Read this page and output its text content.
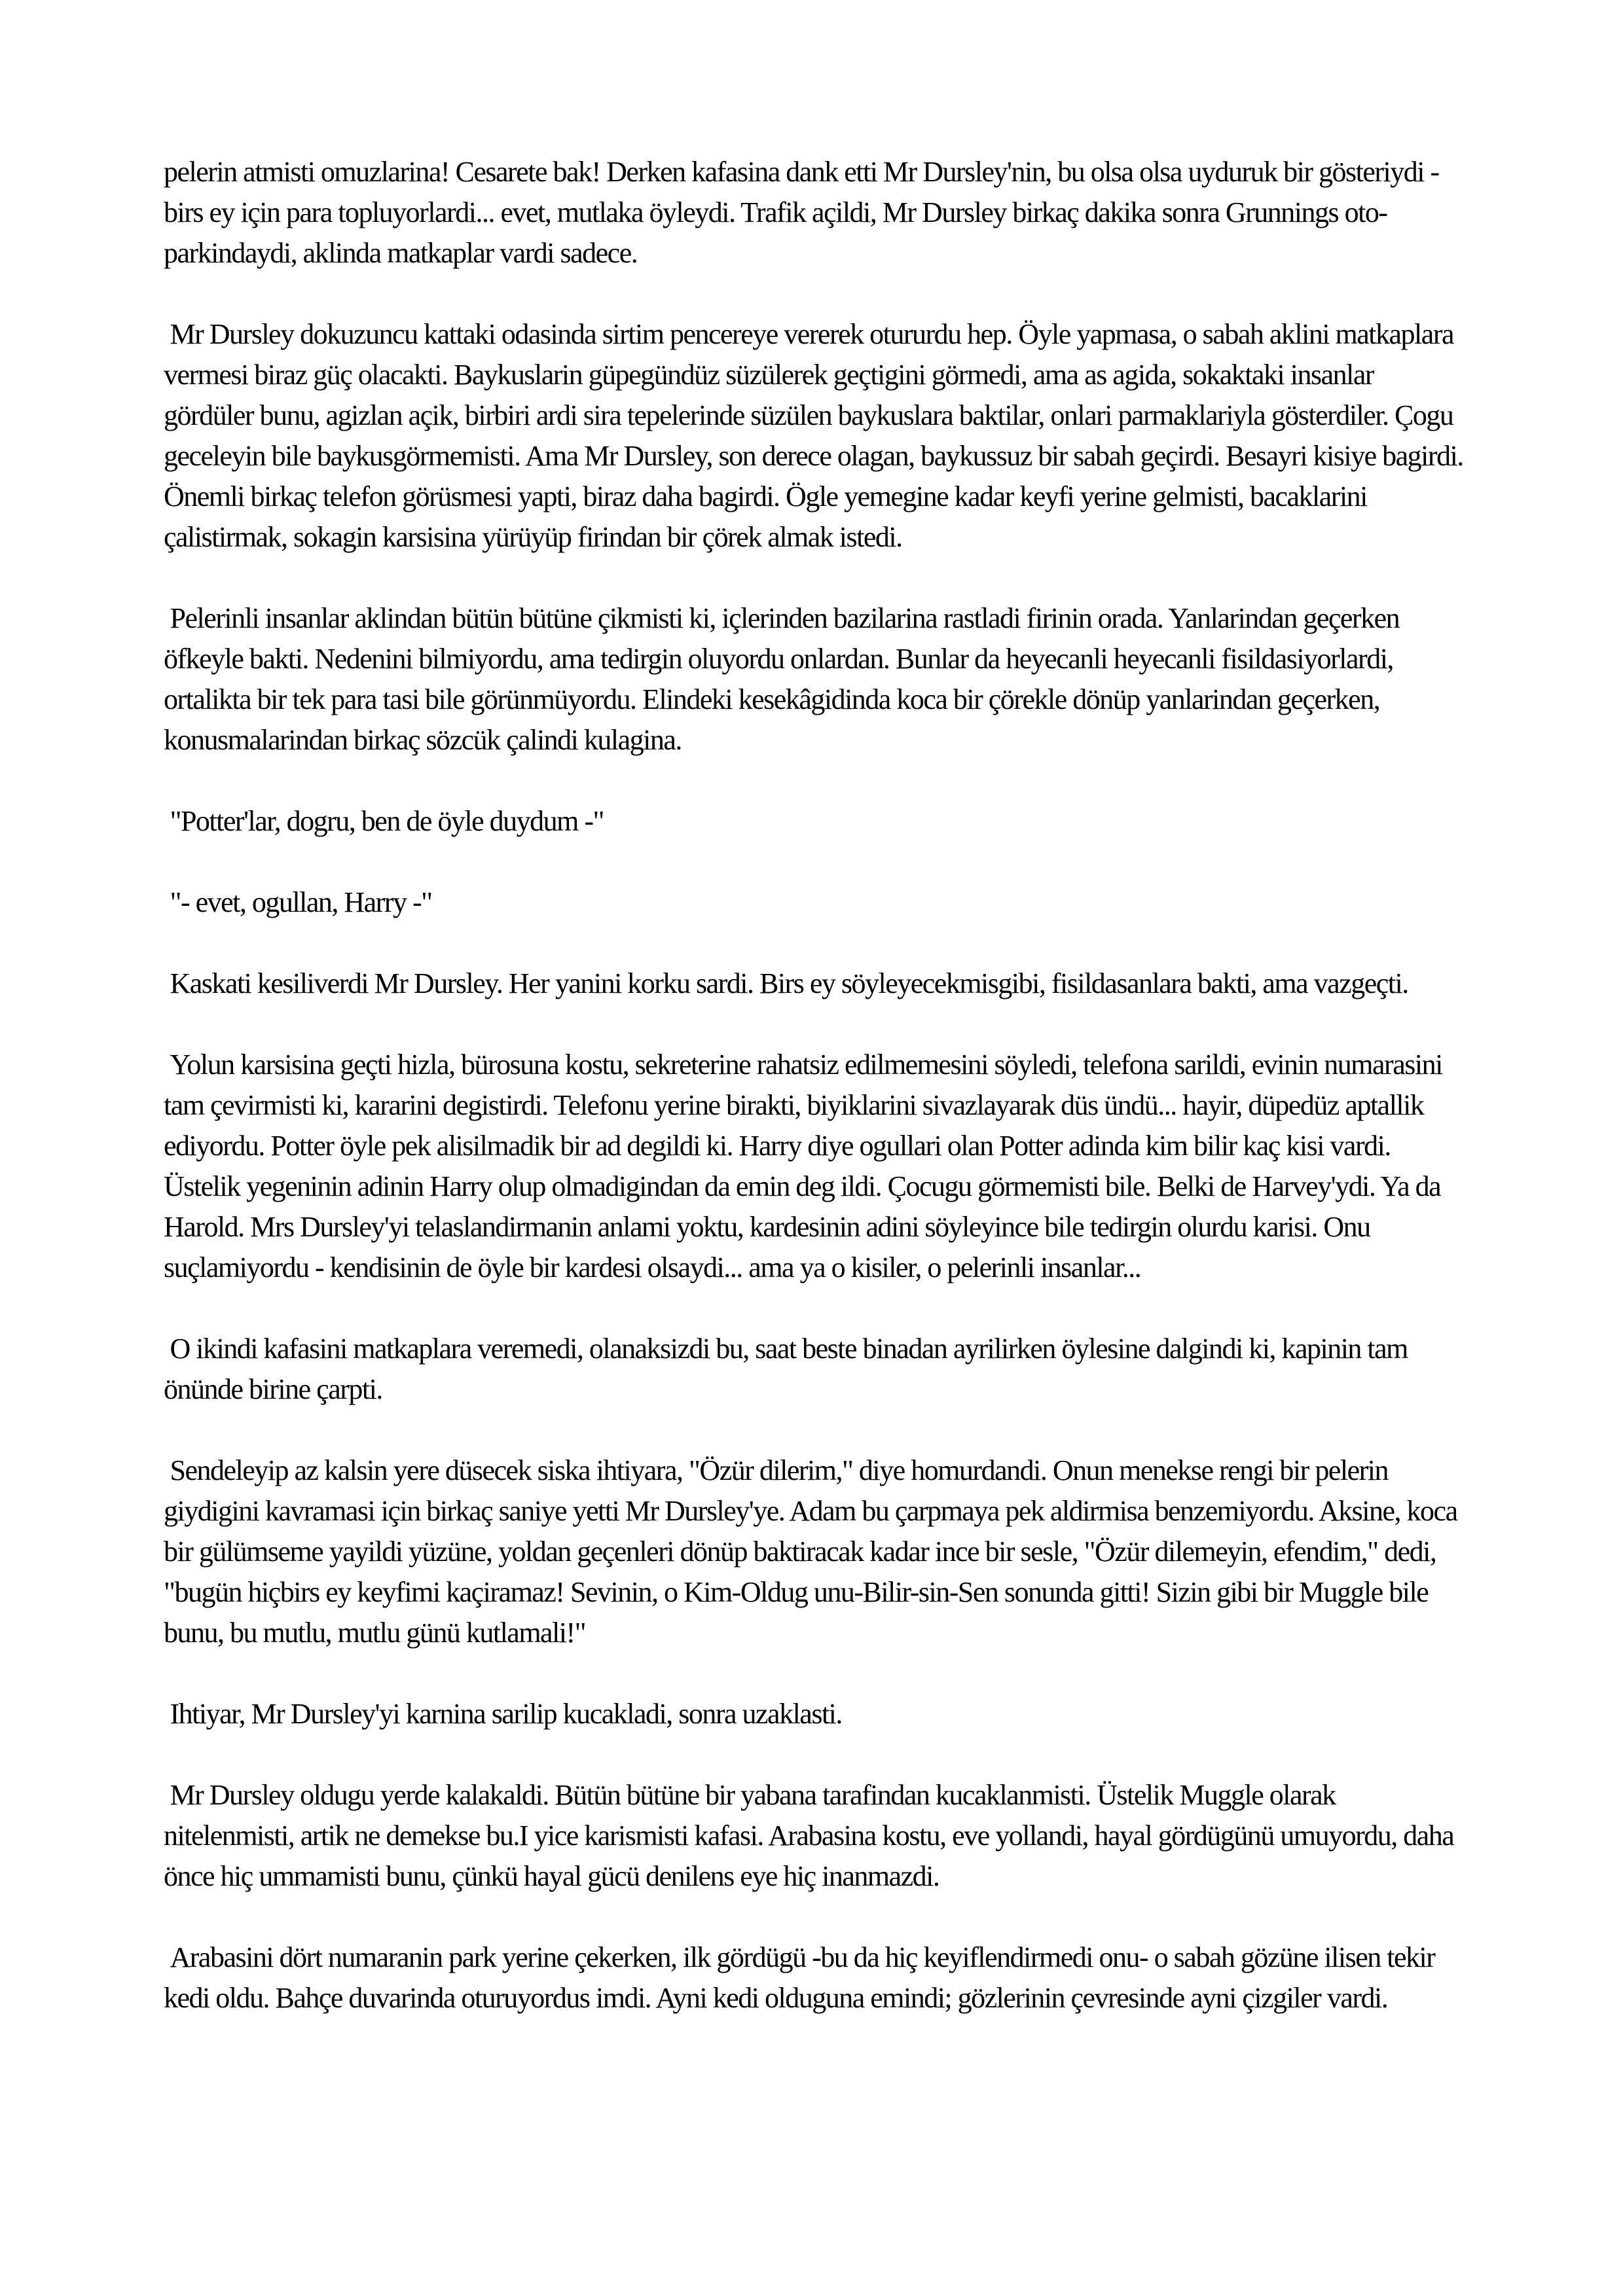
pelerin atmisti omuzlarina! Cesarete bak! Derken kafasina dank etti Mr Dursley'nin, bu olsa olsa uyduruk bir gösteriydi - birs ey için para topluyorlardi... evet, mutlaka öyleydi. Trafik açildi, Mr Dursley birkaç dakika sonra Grunnings oto-parkindaydi, aklinda matkaplar vardi sadece.

Mr Dursley dokuzuncu kattaki odasinda sirtim pencereye vererek otururdu hep. Öyle yapmasa, o sabah aklini matkaplara vermesi biraz güç olacakti. Baykuslarin güpegündüz süzülerek geçtigini görmedi, ama as agida, sokaktaki insanlar gördüler bunu, agizlan açik, birbiri ardi sira tepelerinde süzülen baykuslara baktilar, onlari parmaklariyla gösterdiler. Çogu geceleyin bile baykusgörmemisti. Ama Mr Dursley, son derece olagan, baykussuz bir sabah geçirdi. Besayri kisiye bagirdi. Önemli birkaç telefon görüsmesi yapti, biraz daha bagirdi. Ögle yemegine kadar keyfi yerine gelmisti, bacaklarini çalistirmak, sokagin karsisina yürüyüp firindan bir çörek almak istedi.

Pelerinli insanlar aklindan bütün bütüne çikmisti ki, içlerinden bazilarina rastladi firinin orada. Yanlarindan geçerken öfkeyle bakti. Nedenini bilmiyordu, ama tedirgin oluyordu onlardan. Bunlar da heyecanli heyecanli fisildasiyorlardi, ortalikta bir tek para tasi bile görünmüyordu. Elindeki kesekâgidinda koca bir çörekle dönüp yanlarindan geçerken, konusmalarindan birkaç sözcük çalindi kulagina.

"Potter'lar, dogru, ben de öyle duydum -"

"- evet, ogullan, Harry -"

Kaskati kesiliverdi Mr Dursley. Her yanini korku sardi. Birs ey söyleyecekmisgibi, fisildasanlara bakti, ama vazgeçti.

Yolun karsisina geçti hizla, bürosuna kostu, sekreterine rahatsiz edilmemesini söyledi, telefona sarildi, evinin numarasini tam çevirmisti ki, kararini degistirdi. Telefonu yerine birakti, biyiklarini sivazlayarak düs ündü... hayir, düpedüz aptallik ediyordu. Potter öyle pek alisilmadik bir ad degildi ki. Harry diye ogullari olan Potter adinda kim bilir kaç kisi vardi. Üstelik yegeninin adinin Harry olup olmadigindan da emin deg ildi. Çocugu görmemisti bile. Belki de Harvey'ydi. Ya da Harold. Mrs Dursley'yi telaslandirmanin anlami yoktu, kardesinin adini söyleyince bile tedirgin olurdu karisi. Onu suçlamiyordu - kendisinin de öyle bir kardesi olsaydi... ama ya o kisiler, o pelerinli insanlar...

O ikindi kafasini matkaplara veremedi, olanaksizdi bu, saat beste binadan ayrilirken öylesine dalgindi ki, kapinin tam önünde birine çarpti.

Sendeleyip az kalsin yere düsecek siska ihtiyara, "Özür dilerim," diye homurdandi. Onun menekse rengi bir pelerin giydigini kavramasi için birkaç saniye yetti Mr Dursley'ye. Adam bu çarpmaya pek aldirmisa benzemiyordu. Aksine, koca bir gülümseme yayildi yüzüne, yoldan geçenleri dönüp baktiracak kadar ince bir sesle, "Özür dilemeyin, efendim," dedi, "bugün hiçbirs ey keyfimi kaçiramaz! Sevinin, o Kim-Oldug unu-Bilir-sin-Sen sonunda gitti! Sizin gibi bir Muggle bile bunu, bu mutlu, mutlu günü kutlamali!"

Ihtiyar, Mr Dursley'yi karnina sarilip kucakladi, sonra uzaklasti.

Mr Dursley oldugu yerde kalakaldi. Bütün bütüne bir yabana tarafindan kucaklanmisti. Üstelik Muggle olarak nitelenmisti, artik ne demekse bu.I yice karismisti kafasi. Arabasina kostu, eve yollandi, hayal gördügünü umuyordu, daha önce hiç ummamisti bunu, çünkü hayal gücü denilens eye hiç inanmazdi.

Arabasini dört numaranin park yerine çekerken, ilk gördügü -bu da hiç keyiflendirmedi onu- o sabah gözüne ilisen tekir kedi oldu. Bahçe duvarinda oturuyordus imdi. Ayni kedi olduguna emindi; gözlerinin çevresinde ayni çizgiler vardi.
